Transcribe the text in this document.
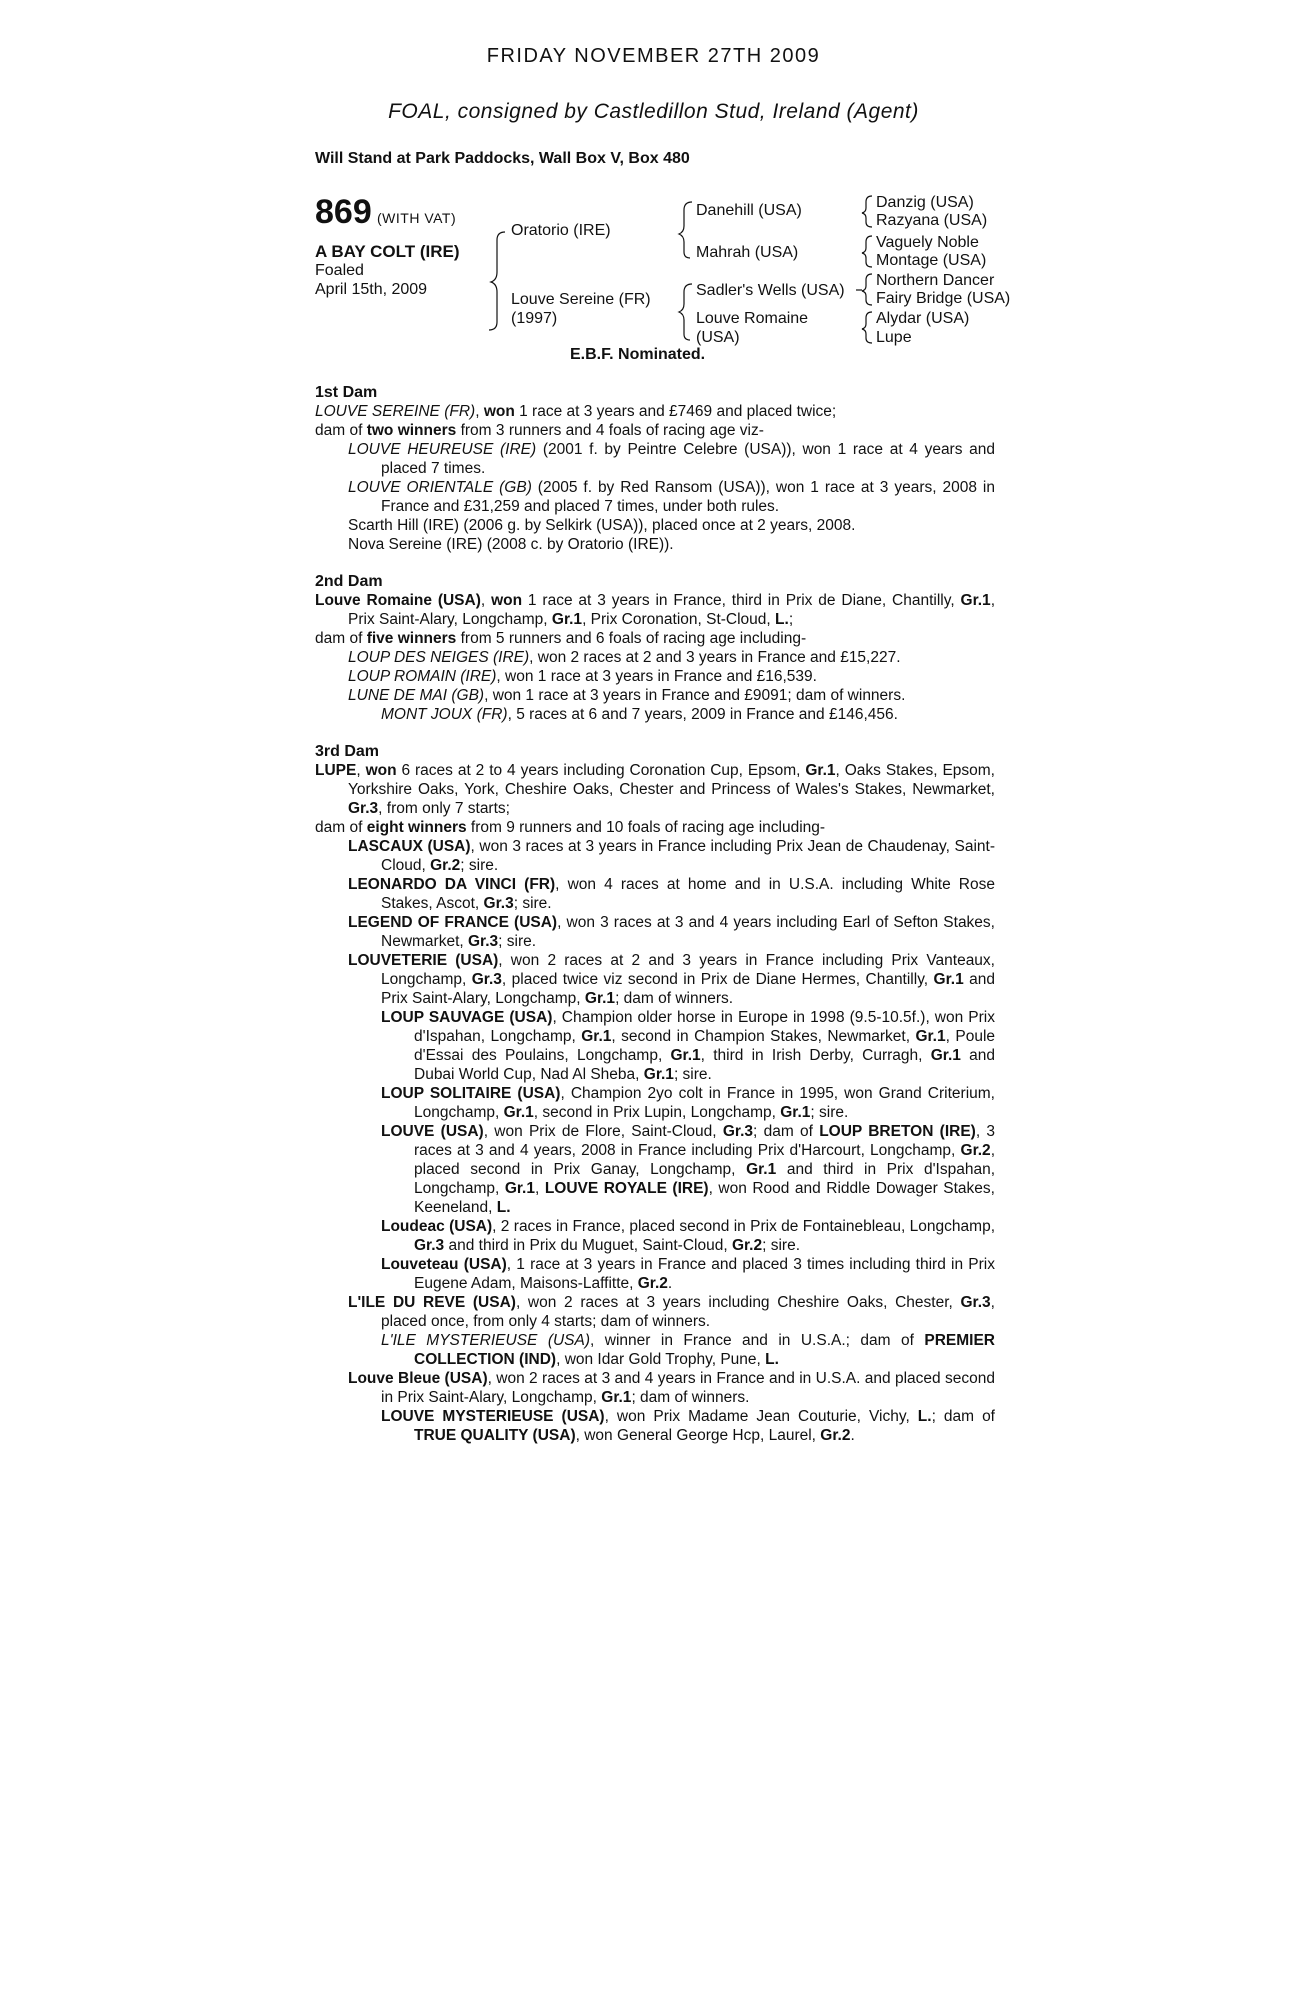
FRIDAY NOVEMBER 27TH 2009
FOAL, consigned by Castledillon Stud, Ireland (Agent)
Will Stand at Park Paddocks, Wall Box V, Box 480
869 (WITH VAT)
A BAY COLT (IRE)
Foaled
April 15th, 2009
Oratorio (IRE)
Louve Sereine (FR)
(1997)
Danehill (USA)
Mahrah (USA)
Sadler's Wells (USA)
Louve Romaine
(USA)
Danzig (USA)
Razyana (USA)
Vaguely Noble
Montage (USA)
Northern Dancer
Fairy Bridge (USA)
Alydar (USA)
Lupe
E.B.F. Nominated.
1st Dam
LOUVE SEREINE (FR), won 1 race at 3 years and £7469 and placed twice;
dam of two winners from 3 runners and 4 foals of racing age viz-
LOUVE HEUREUSE (IRE) (2001 f. by Peintre Celebre (USA)), won 1 race at 4 years and placed 7 times.
LOUVE ORIENTALE (GB) (2005 f. by Red Ransom (USA)), won 1 race at 3 years, 2008 in France and £31,259 and placed 7 times, under both rules.
Scarth Hill (IRE) (2006 g. by Selkirk (USA)), placed once at 2 years, 2008.
Nova Sereine (IRE) (2008 c. by Oratorio (IRE)).
2nd Dam
Louve Romaine (USA), won 1 race at 3 years in France, third in Prix de Diane, Chantilly, Gr.1, Prix Saint-Alary, Longchamp, Gr.1, Prix Coronation, St-Cloud, L.;
dam of five winners from 5 runners and 6 foals of racing age including-
LOUP DES NEIGES (IRE), won 2 races at 2 and 3 years in France and £15,227.
LOUP ROMAIN (IRE), won 1 race at 3 years in France and £16,539.
LUNE DE MAI (GB), won 1 race at 3 years in France and £9091; dam of winners.
MONT JOUX (FR), 5 races at 6 and 7 years, 2009 in France and £146,456.
3rd Dam
LUPE, won 6 races at 2 to 4 years including Coronation Cup, Epsom, Gr.1, Oaks Stakes, Epsom, Yorkshire Oaks, York, Cheshire Oaks, Chester and Princess of Wales's Stakes, Newmarket, Gr.3, from only 7 starts;
dam of eight winners from 9 runners and 10 foals of racing age including-
LASCAUX (USA), won 3 races at 3 years in France including Prix Jean de Chaudenay, Saint-Cloud, Gr.2; sire.
LEONARDO DA VINCI (FR), won 4 races at home and in U.S.A. including White Rose Stakes, Ascot, Gr.3; sire.
LEGEND OF FRANCE (USA), won 3 races at 3 and 4 years including Earl of Sefton Stakes, Newmarket, Gr.3; sire.
LOUVETERIE (USA), won 2 races at 2 and 3 years in France including Prix Vanteaux, Longchamp, Gr.3, placed twice viz second in Prix de Diane Hermes, Chantilly, Gr.1 and Prix Saint-Alary, Longchamp, Gr.1; dam of winners.
LOUP SAUVAGE (USA), Champion older horse in Europe in 1998 (9.5-10.5f.), won Prix d'Ispahan, Longchamp, Gr.1, second in Champion Stakes, Newmarket, Gr.1, Poule d'Essai des Poulains, Longchamp, Gr.1, third in Irish Derby, Curragh, Gr.1 and Dubai World Cup, Nad Al Sheba, Gr.1; sire.
LOUP SOLITAIRE (USA), Champion 2yo colt in France in 1995, won Grand Criterium, Longchamp, Gr.1, second in Prix Lupin, Longchamp, Gr.1; sire.
LOUVE (USA), won Prix de Flore, Saint-Cloud, Gr.3; dam of LOUP BRETON (IRE), 3 races at 3 and 4 years, 2008 in France including Prix d'Harcourt, Longchamp, Gr.2, placed second in Prix Ganay, Longchamp, Gr.1 and third in Prix d'Ispahan, Longchamp, Gr.1, LOUVE ROYALE (IRE), won Rood and Riddle Dowager Stakes, Keeneland, L.
Loudeac (USA), 2 races in France, placed second in Prix de Fontainebleau, Longchamp, Gr.3 and third in Prix du Muguet, Saint-Cloud, Gr.2; sire.
Louveteau (USA), 1 race at 3 years in France and placed 3 times including third in Prix Eugene Adam, Maisons-Laffitte, Gr.2.
L'ILE DU REVE (USA), won 2 races at 3 years including Cheshire Oaks, Chester, Gr.3, placed once, from only 4 starts; dam of winners.
L'ILE MYSTERIEUSE (USA), winner in France and in U.S.A.; dam of PREMIER COLLECTION (IND), won Idar Gold Trophy, Pune, L.
Louve Bleue (USA), won 2 races at 3 and 4 years in France and in U.S.A. and placed second in Prix Saint-Alary, Longchamp, Gr.1; dam of winners.
LOUVE MYSTERIEUSE (USA), won Prix Madame Jean Couturie, Vichy, L.; dam of TRUE QUALITY (USA), won General George Hcp, Laurel, Gr.2.
